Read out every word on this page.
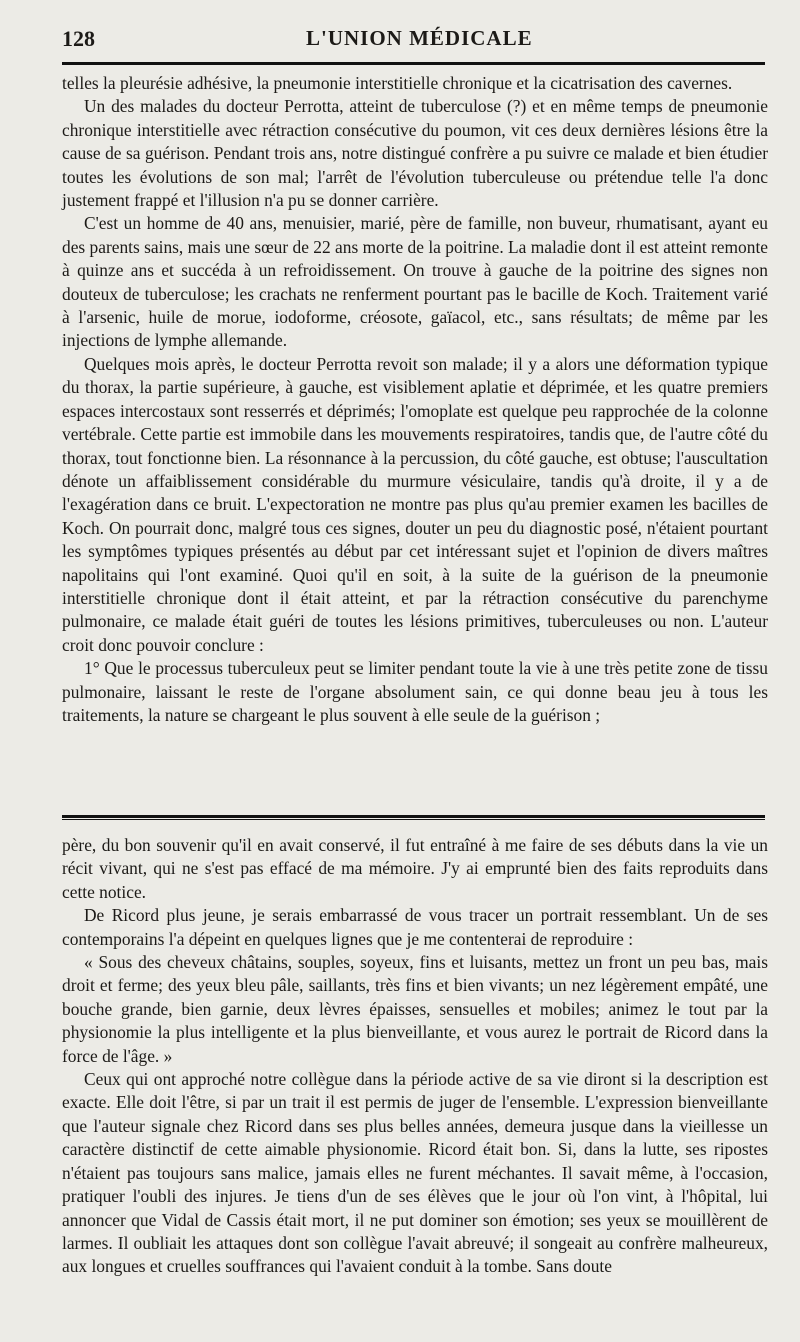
128	L'UNION MÉDICALE

telles la pleurésie adhésive, la pneumonie interstitielle chronique et la cicatrisation des cavernes.

Un des malades du docteur Perrotta, atteint de tuberculose (?) et en même temps de pneumonie chronique interstitielle avec rétraction consécutive du poumon, vit ces deux dernières lésions être la cause de sa guérison. Pendant trois ans, notre distingué confrère a pu suivre ce malade et bien étudier toutes les évolutions de son mal; l'arrêt de l'évolution tuberculeuse ou prétendue telle l'a donc justement frappé et l'illusion n'a pu se donner carrière.

C'est un homme de 40 ans, menuisier, marié, père de famille, non buveur, rhumatisant, ayant eu des parents sains, mais une sœur de 22 ans morte de la poitrine. La maladie dont il est atteint remonte à quinze ans et succéda à un refroidissement. On trouve à gauche de la poitrine des signes non douteux de tuberculose; les crachats ne renferment pourtant pas le bacille de Koch. Traitement varié à l'arsenic, huile de morue, iodoforme, créosote, gaïacol, etc., sans résultats; de même par les injections de lymphe allemande.

Quelques mois après, le docteur Perrotta revoit son malade; il y a alors une déformation typique du thorax, la partie supérieure, à gauche, est visiblement aplatie et déprimée, et les quatre premiers espaces intercostaux sont resserrés et déprimés; l'omoplate est quelque peu rapprochée de la colonne vertébrale. Cette partie est immobile dans les mouvements respiratoires, tandis que, de l'autre côté du thorax, tout fonctionne bien. La résonnance à la percussion, du côté gauche, est obtuse; l'auscultation dénote un affaiblissement considérable du murmure vésiculaire, tandis qu'à droite, il y a de l'exagération dans ce bruit. L'expectoration ne montre pas plus qu'au premier examen les bacilles de Koch. On pourrait donc, malgré tous ces signes, douter un peu du diagnostic posé, n'étaient pourtant les symptômes typiques présentés au début par cet intéressant sujet et l'opinion de divers maîtres napolitains qui l'ont examiné. Quoi qu'il en soit, à la suite de la guérison de la pneumonie interstitielle chronique dont il était atteint, et par la rétraction consécutive du parenchyme pulmonaire, ce malade était guéri de toutes les lésions primitives, tuberculeuses ou non. L'auteur croit donc pouvoir conclure :

1° Que le processus tuberculeux peut se limiter pendant toute la vie à une très petite zone de tissu pulmonaire, laissant le reste de l'organe absolument sain, ce qui donne beau jeu à tous les traitements, la nature se chargeant le plus souvent à elle seule de la guérison ;

père, du bon souvenir qu'il en avait conservé, il fut entraîné à me faire de ses débuts dans la vie un récit vivant, qui ne s'est pas effacé de ma mémoire. J'y ai emprunté bien des faits reproduits dans cette notice.

De Ricord plus jeune, je serais embarrassé de vous tracer un portrait ressemblant. Un de ses contemporains l'a dépeint en quelques lignes que je me contenterai de reproduire :

« Sous des cheveux châtains, souples, soyeux, fins et luisants, mettez un front un peu bas, mais droit et ferme; des yeux bleu pâle, saillants, très fins et bien vivants; un nez légèrement empâté, une bouche grande, bien garnie, deux lèvres épaisses, sensuelles et mobiles; animez le tout par la physionomie la plus intelligente et la plus bienveillante, et vous aurez le portrait de Ricord dans la force de l'âge. »

Ceux qui ont approché notre collègue dans la période active de sa vie diront si la description est exacte. Elle doit l'être, si par un trait il est permis de juger de l'ensemble. L'expression bienveillante que l'auteur signale chez Ricord dans ses plus belles années, demeura jusque dans la vieillesse un caractère distinctif de cette aimable physionomie. Ricord était bon. Si, dans la lutte, ses ripostes n'étaient pas toujours sans malice, jamais elles ne furent méchantes. Il savait même, à l'occasion, pratiquer l'oubli des injures. Je tiens d'un de ses élèves que le jour où l'on vint, à l'hôpital, lui annoncer que Vidal de Cassis était mort, il ne put dominer son émotion; ses yeux se mouillèrent de larmes. Il oubliait les attaques dont son collègue l'avait abreuvé; il songeait au confrère malheureux, aux longues et cruelles souffrances qui l'avaient conduit à la tombe. Sans doute
